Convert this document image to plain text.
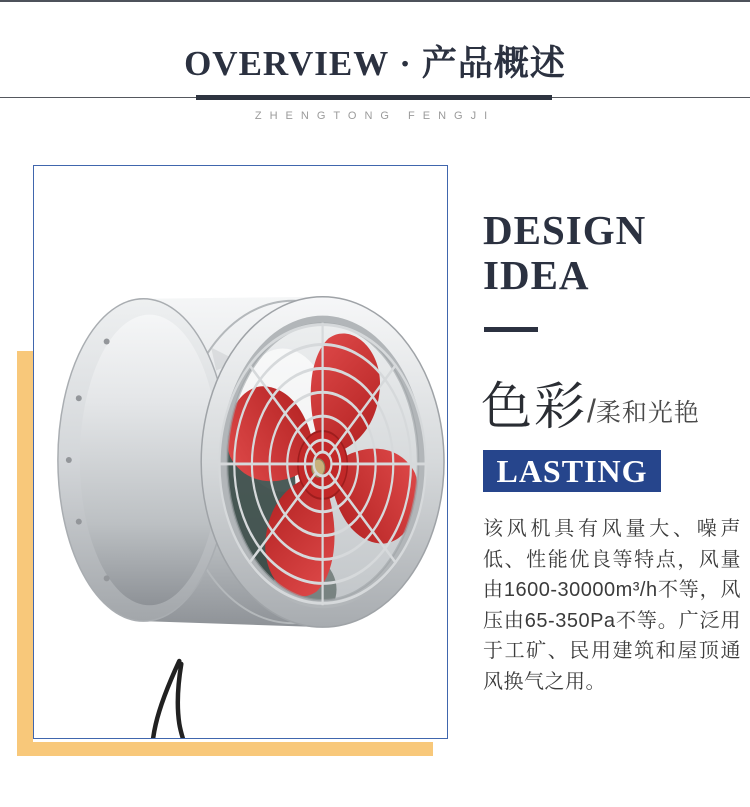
OVERVIEW · 产品概述
ZHENGTONG FENGJI
DESIGN
IDEA
色彩 / 柔和光艳
LASTING

该风机具有风量大、噪声低、性能优良等特点，风量由1600-30000m³/h不等，风压由65-350Pa不等。广泛用于工矿、民用建筑和屋顶通风换气之用。
